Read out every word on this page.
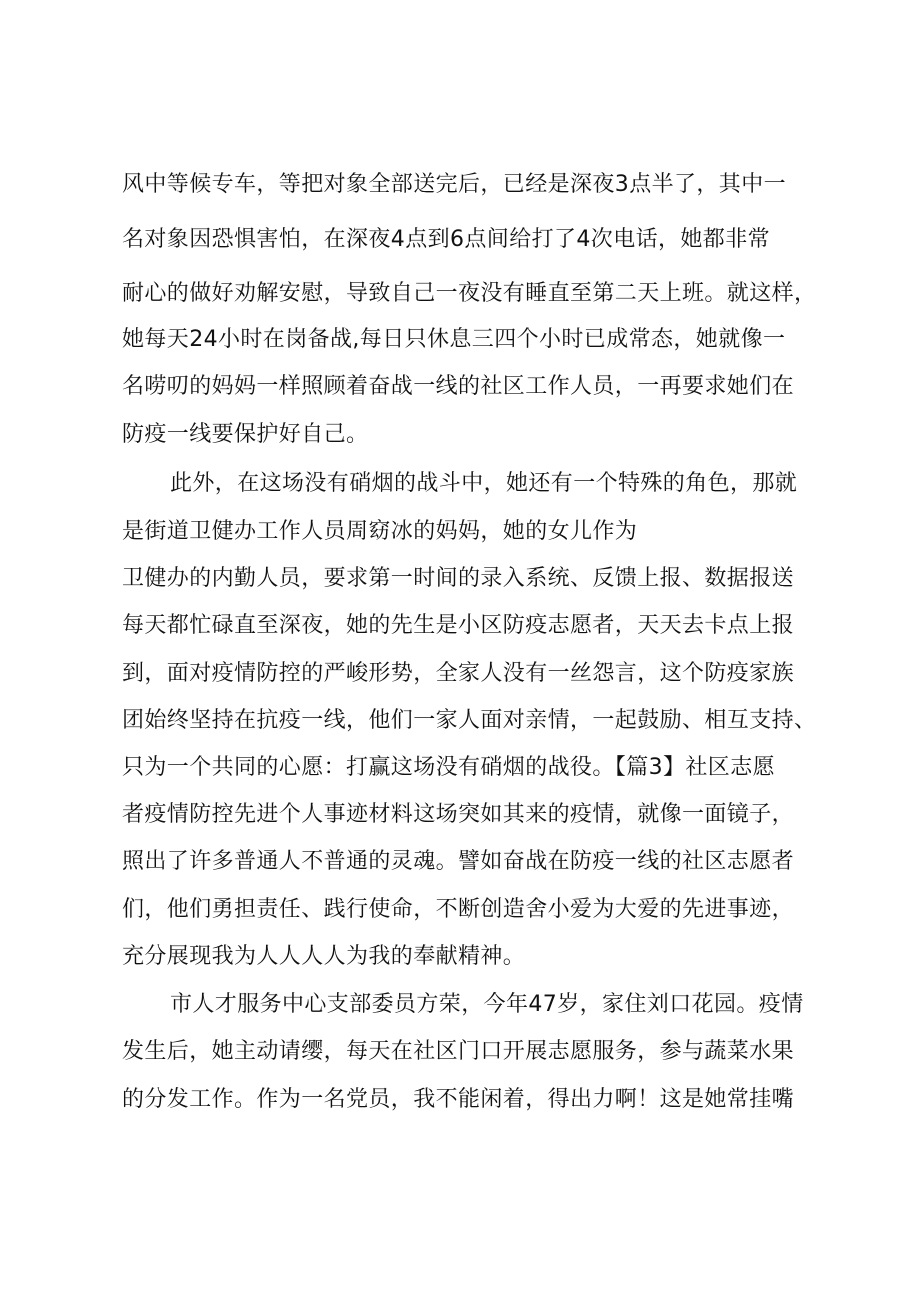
风中等候专车，等把对象全部送完后，已经是深夜3点半了，其中一
名对象因恐惧害怕，在深夜4点到6点间给打了4次电话，她都非常
耐心的做好劝解安慰，导致自己一夜没有睡直至第二天上班。就这样，
她每天24小时在岗备战,每日只休息三四个小时已成常态，她就像一
名唠叨的妈妈一样照顾着奋战一线的社区工作人员，一再要求她们在
防疫一线要保护好自己。
此外，在这场没有硝烟的战斗中，她还有一个特殊的角色，那就
是街道卫健办工作人员周窈冰的妈妈，她的女儿作为
卫健办的内勤人员，要求第一时间的录入系统、反馈上报、数据报送
每天都忙碌直至深夜，她的先生是小区防疫志愿者，天天去卡点上报
到，面对疫情防控的严峻形势，全家人没有一丝怨言，这个防疫家族
团始终坚持在抗疫一线，他们一家人面对亲情，一起鼓励、相互支持、
只为一个共同的心愿：打赢这场没有硝烟的战役。【篇3】社区志愿
者疫情防控先进个人事迹材料这场突如其来的疫情，就像一面镜子，
照出了许多普通人不普通的灵魂。譬如奋战在防疫一线的社区志愿者
们，他们勇担责任、践行使命，不断创造舍小爱为大爱的先进事迹，
充分展现我为人人人人为我的奉献精神。
市人才服务中心支部委员方荣，今年47岁，家住刘口花园。疫情
发生后，她主动请缨，每天在社区门口开展志愿服务，参与蔬菜水果
的分发工作。作为一名党员，我不能闲着，得出力啊！这是她常挂嘴
